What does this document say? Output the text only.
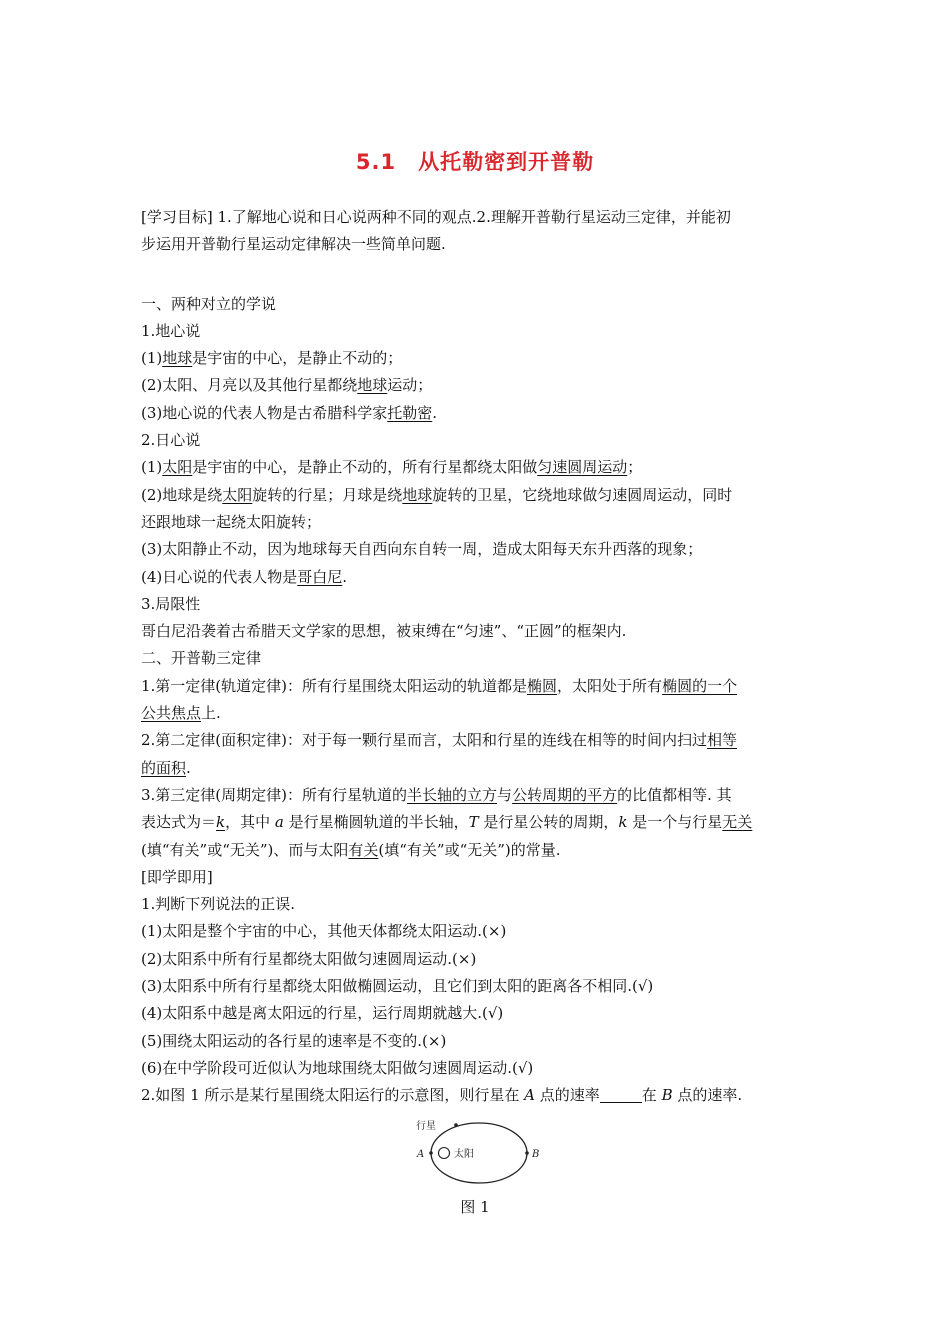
5.1　从托勒密到开普勒

[学习目标] 1.了解地心说和日心说两种不同的观点.2.理解开普勒行星运动三定律，并能初

步运用开普勒行星运动定律解决一些简单问题.

一、两种对立的学说

1.地心说

(1)地球是宇宙的中心，是静止不动的；

(2)太阳、月亮以及其他行星都绕地球运动；

(3)地心说的代表人物是古希腊科学家托勒密.

2.日心说

(1)太阳是宇宙的中心，是静止不动的，所有行星都绕太阳做匀速圆周运动；

(2)地球是绕太阳旋转的行星；月球是绕地球旋转的卫星，它绕地球做匀速圆周运动，同时

还跟地球一起绕太阳旋转；

(3)太阳静止不动，因为地球每天自西向东自转一周，造成太阳每天东升西落的现象；

(4)日心说的代表人物是哥白尼.

3.局限性

哥白尼沿袭着古希腊天文学家的思想，被束缚在“匀速”、“正圆”的框架内.

二、开普勒三定律

1.第一定律(轨道定律)：所有行星围绕太阳运动的轨道都是椭圆，太阳处于所有椭圆的一个

公共焦点上.

2.第二定律(面积定律)：对于每一颗行星而言，太阳和行星的连线在相等的时间内扫过相等

的面积.

3.第三定律(周期定律)：所有行星轨道的半长轴的立方与公转周期的平方的比值都相等. 其

表达式为＝k，其中 a 是行星椭圆轨道的半长轴，T 是行星公转的周期，k 是一个与行星无关

(填“有关”或“无关”)、而与太阳有关(填“有关”或“无关”)的常量.

[即学即用]

1.判断下列说法的正误.

(1)太阳是整个宇宙的中心，其他天体都绕太阳运动.(×)

(2)太阳系中所有行星都绕太阳做匀速圆周运动.(×)

(3)太阳系中所有行星都绕太阳做椭圆运动，且它们到太阳的距离各不相同.(√)

(4)太阳系中越是离太阳远的行星，运行周期就越大.(√)

(5)围绕太阳运动的各行星的速率是不变的.(×)

(6)在中学阶段可近似认为地球围绕太阳做匀速圆周运动.(√)

2.如图 1 所示是某行星围绕太阳运行的示意图，则行星在 A 点的速率	在 B 点的速率.

行星
太阳
A	B
图 1
